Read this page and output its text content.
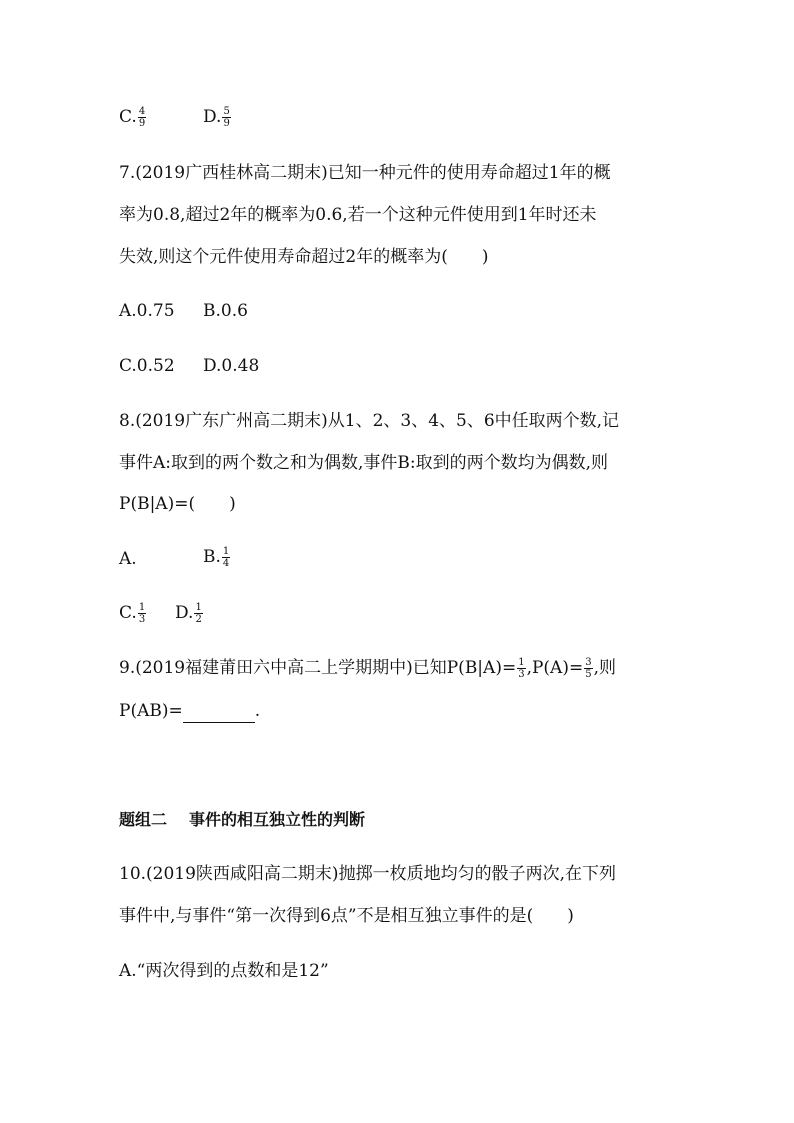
C. $\frac{4}{9}$	D. $\frac{5}{9}$
7.(2019广西桂林高二期末)已知一种元件的使用寿命超过1年的概
率为0.8,超过2年的概率为0.6,若一个这种元件使用到1年时还未
失效,则这个元件使用寿命超过2年的概率为(　　)
A.0.75 B.0.6
C.0.52 D.0.48
8.(2019广东广州高二期末)从1、2、3、4、5、6中任取两个数,记
事件A:取到的两个数之和为偶数,事件B:取到的两个数均为偶数,则
P(B|A)=(　　)
A.	B. $\frac{1}{4}$
C. $\frac{1}{3} D$. $\frac{1}{2}$
9.(2019福建莆田六中高二上学期期中)已知$P(B|A)= \frac{1}{3} ,P(A)= \frac{3}{5}$ ,则
P(AB)=	.
题组二 事件的相互独立性的判断
10.(2019陕西咸阳高二期末)抛掷一枚质地均匀的骰子两次,在下列
事件中,与事件“第一次得到6点”不是相互独立事件的是(　　)
A.“两次得到的点数和是12”
